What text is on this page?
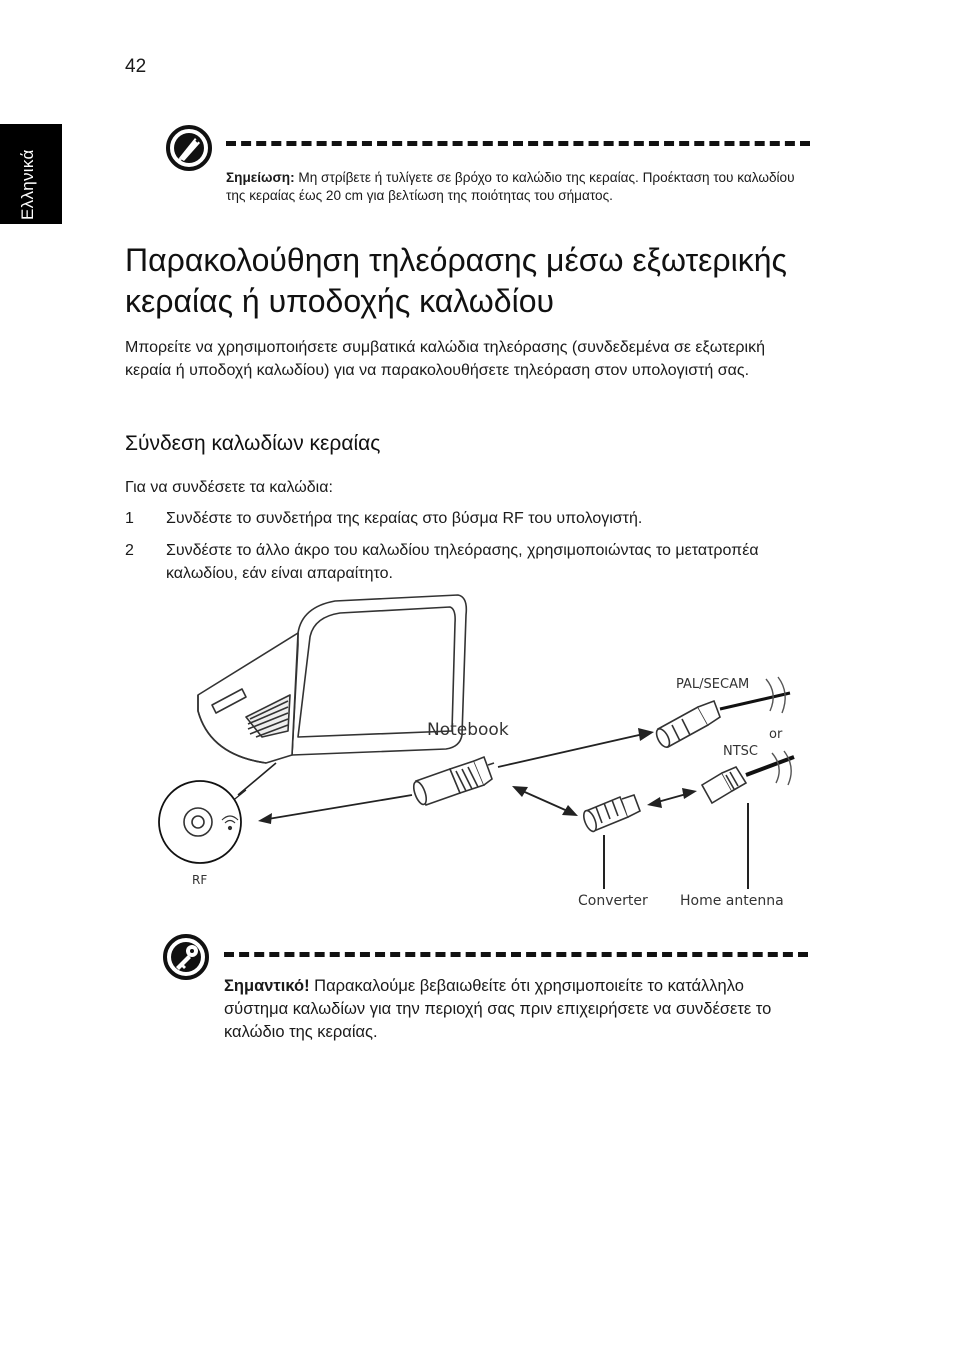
42
Ελληνικά	Σημείωση: Μη στρίβετε ή τυλίγετε σε βρόχο το καλώδιο της κεραίας. Προέκταση του καλωδίου της κεραίας έως 20 cm για βελτίωση της ποιότητας του σήματος.
Παρακολούθηση τηλεόρασης μέσω εξωτερικής κεραίας ή υποδοχής καλωδίου
Μπορείτε να χρησιμοποιήσετε συμβατικά καλώδια τηλεόρασης (συνδεδεμένα σε εξωτερική κεραία ή υποδοχή καλωδίου) για να παρακολουθήσετε τηλεόραση στον υπολογιστή σας.
Σύνδεση καλωδίων κεραίας
Για να συνδέσετε τα καλώδια:
1 Συνδέστε το συνδετήρα της κεραίας στο βύσμα RF του υπολογιστή.
2 Συνδέστε το άλλο άκρο του καλωδίου τηλεόρασης, χρησιμοποιώντας το μετατροπέα καλωδίου, εάν είναι απαραίτητο.
Notebook
PAL/SECAM
or
NTSC
RF
Converter Home antenna
Σημαντικό! Παρακαλούμε βεβαιωθείτε ότι χρησιμοποιείτε το κατάλληλο σύστημα καλωδίων για την περιοχή σας πριν επιχειρήσετε να συνδέσετε το καλώδιο της κεραίας.
